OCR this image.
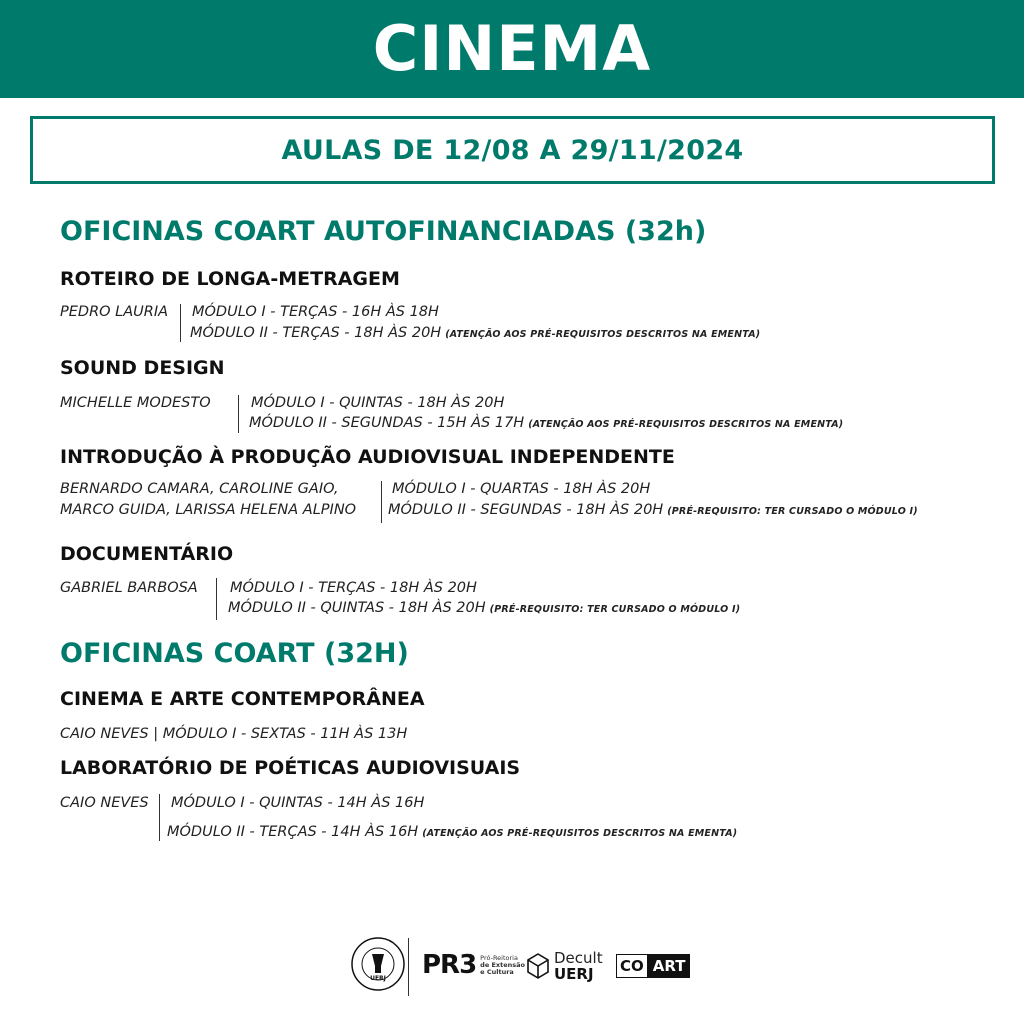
CINEMA
AULAS DE 12/08 A 29/11/2024
OFICINAS COART AUTOFINANCIADAS (32h)
ROTEIRO DE LONGA-METRAGEM
PEDRO LAURIA MÓDULO I - TERÇAS - 16H ÀS 18H
MÓDULO II - TERÇAS - 18H ÀS 20H (ATENÇÃO AOS PRÉ-REQUISITOS DESCRITOS NA EMENTA)
SOUND DESIGN
MICHELLE MODESTO	MÓDULO I - QUINTAS - 18H ÀS 20H
MÓDULO II - SEGUNDAS - 15H ÀS 17H (ATENÇÃO AOS PRÉ-REQUISITOS DESCRITOS NA EMENTA)
INTRODUÇÃO À PRODUÇÃO AUDIOVISUAL INDEPENDENTE
BERNARDO CAMARA, CAROLINE GAIO,
MARCO GUIDA, LARISSA HELENA ALPINO
MÓDULO I - QUARTAS - 18H ÀS 20H
MÓDULO II - SEGUNDAS - 18H ÀS 20H (PRÉ-REQUISITO: TER CURSADO O MÓDULO I)
DOCUMENTÁRIO
GABRIEL BARBOSA MÓDULO I - TERÇAS - 18H ÀS 20H
MÓDULO II - QUINTAS - 18H ÀS 20H (PRÉ-REQUISITO: TER CURSADO O MÓDULO I)
OFICINAS COART (32H)
CINEMA E ARTE CONTEMPORÂNEA
CAIO NEVES | MÓDULO I - SEXTAS - 11H ÀS 13H
LABORATÓRIO DE POÉTICAS AUDIOVISUAIS
CAIO NEVES MÓDULO I - QUINTAS - 14H ÀS 16H
MÓDULO II - TERÇAS - 14H ÀS 16H (ATENÇÃO AOS PRÉ-REQUISITOS DESCRITOS NA EMENTA)
UERJ PR3 Pró-Reitoria
de Extensão
e Cultura
Decult
UERJ	CO ART
